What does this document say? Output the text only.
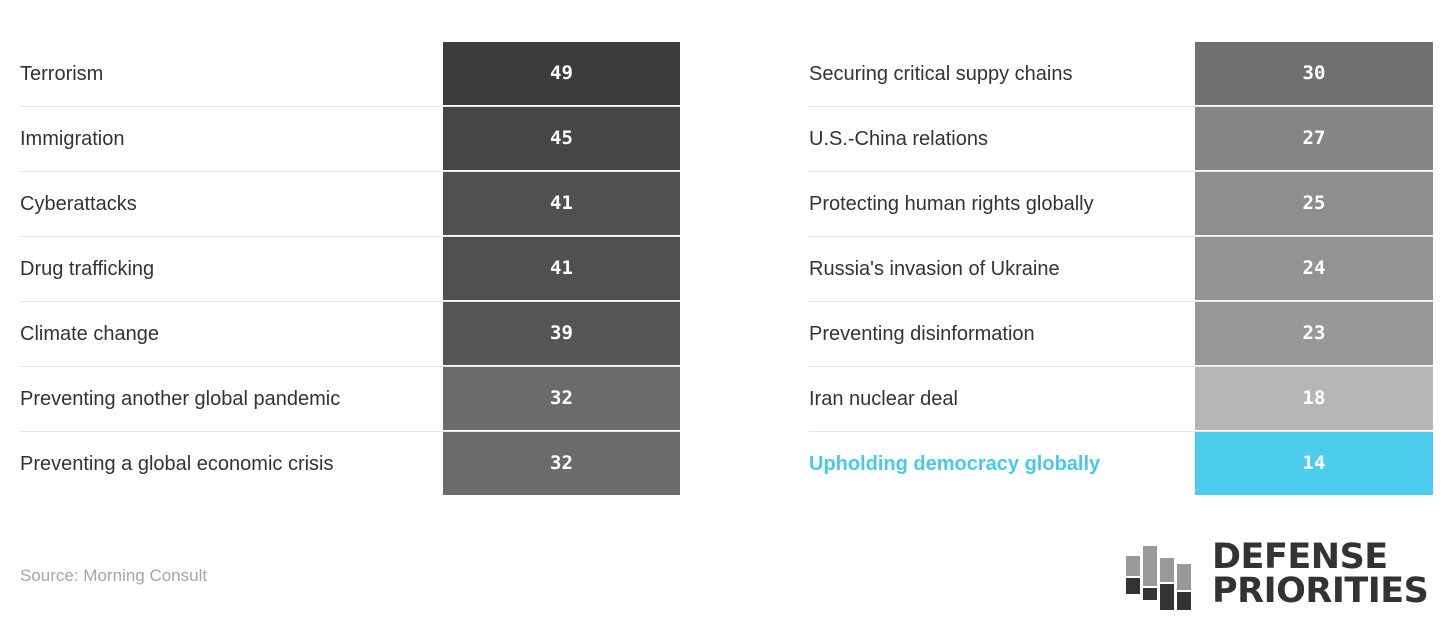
Terrorism	49
Immigration	45
Cyberattacks	41
Drug trafficking	41
Climate change	39
Preventing another global pandemic	32
Preventing a global economic crisis	32
Securing critical suppy chains	30
U.S.-China relations	27
Protecting human rights globally	25
Russia's invasion of Ukraine	24
Preventing disinformation	23
Iran nuclear deal	18
Upholding democracy globally	14
Source: Morning Consult	DEFENSE
PRIORITIES
